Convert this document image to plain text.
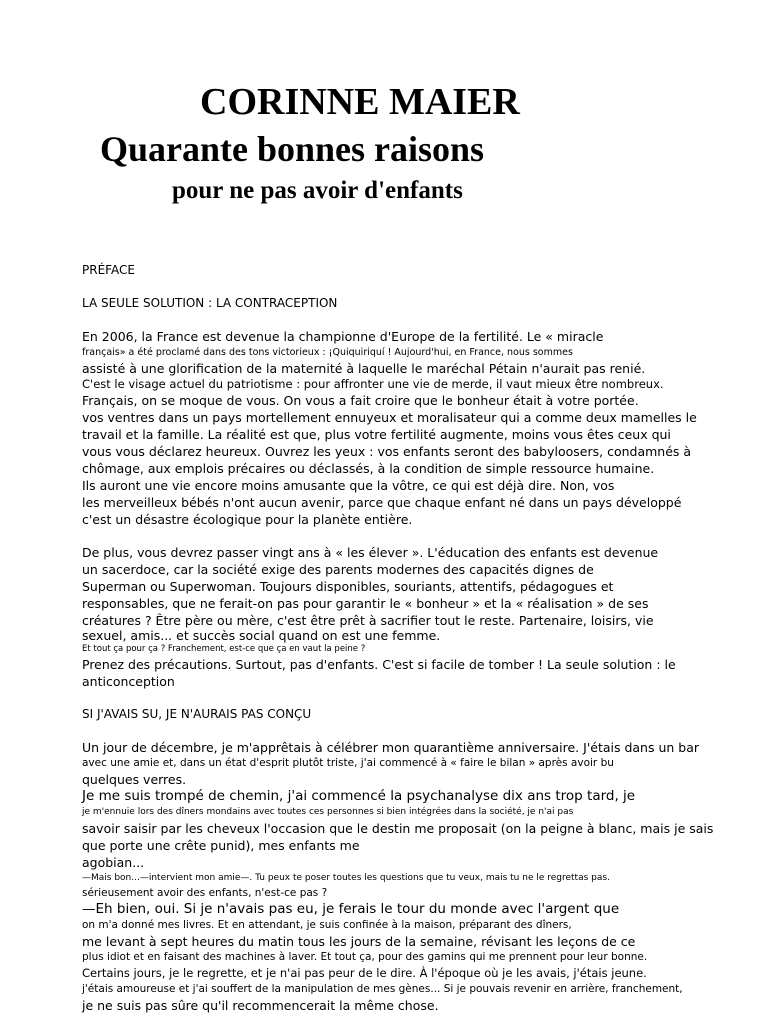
CORINNE MAIER
Quarante bonnes raisons
pour ne pas avoir d'enfants

PRÉFACE

LA SEULE SOLUTION : LA CONTRACEPTION

En 2006, la France est devenue la championne d'Europe de la fertilité. Le « miracle

français» a été proclamé dans des tons victorieux : ¡Quiquiriquí ! Aujourd'hui, en France, nous sommes

assisté à une glorification de la maternité à laquelle le maréchal Pétain n'aurait pas renié.

C'est le visage actuel du patriotisme : pour affronter une vie de merde, il vaut mieux être nombreux.

Français, on se moque de vous. On vous a fait croire que le bonheur était à votre portée.

vos ventres dans un pays mortellement ennuyeux et moralisateur qui a comme deux mamelles le

travail et la famille. La réalité est que, plus votre fertilité augmente, moins vous êtes ceux qui

vous vous déclarez heureux. Ouvrez les yeux : vos enfants seront des babyloosers, condamnés à

chômage, aux emplois précaires ou déclassés, à la condition de simple ressource humaine.

Ils auront une vie encore moins amusante que la vôtre, ce qui est déjà dire. Non, vos

les merveilleux bébés n'ont aucun avenir, parce que chaque enfant né dans un pays développé

c'est un désastre écologique pour la planète entière.

De plus, vous devrez passer vingt ans à « les élever ». L'éducation des enfants est devenue

un sacerdoce, car la société exige des parents modernes des capacités dignes de

Superman ou Superwoman. Toujours disponibles, souriants, attentifs, pédagogues et

responsables, que ne ferait-on pas pour garantir le « bonheur » et la « réalisation » de ses

créatures ? Être père ou mère, c'est être prêt à sacrifier tout le reste. Partenaire, loisirs, vie

sexuel, amis... et succès social quand on est une femme.

Et tout ça pour ça ? Franchement, est-ce que ça en vaut la peine ?

Prenez des précautions. Surtout, pas d'enfants. C'est si facile de tomber ! La seule solution : le

anticonception

SI J'AVAIS SU, JE N'AURAIS PAS CONÇU

Un jour de décembre, je m'apprêtais à célébrer mon quarantième anniversaire. J'étais dans un bar

avec une amie et, dans un état d'esprit plutôt triste, j'ai commencé à « faire le bilan » après avoir bu

quelques verres.

Je me suis trompé de chemin, j'ai commencé la psychanalyse dix ans trop tard, je

je m'ennuie lors des dîners mondains avec toutes ces personnes si bien intégrées dans la société, je n'ai pas

savoir saisir par les cheveux l'occasion que le destin me proposait (on la peigne à blanc, mais je sais

que porte une crête punid), mes enfants me

agobian...

—Mais bon...—intervient mon amie—. Tu peux te poser toutes les questions que tu veux, mais tu ne le regrettas pas.

sérieusement avoir des enfants, n'est-ce pas ?

—Eh bien, oui. Si je n'avais pas eu, je ferais le tour du monde avec l'argent que

on m'a donné mes livres. Et en attendant, je suis confinée à la maison, préparant des dîners,

me levant à sept heures du matin tous les jours de la semaine, révisant les leçons de ce

plus idiot et en faisant des machines à laver. Et tout ça, pour des gamins qui me prennent pour leur bonne.

Certains jours, je le regrette, et je n'ai pas peur de le dire. À l'époque où je les avais, j'étais jeune.

j'étais amoureuse et j'ai souffert de la manipulation de mes gènes... Si je pouvais revenir en arrière, franchement,

je ne suis pas sûre qu'il recommencerait la même chose.
